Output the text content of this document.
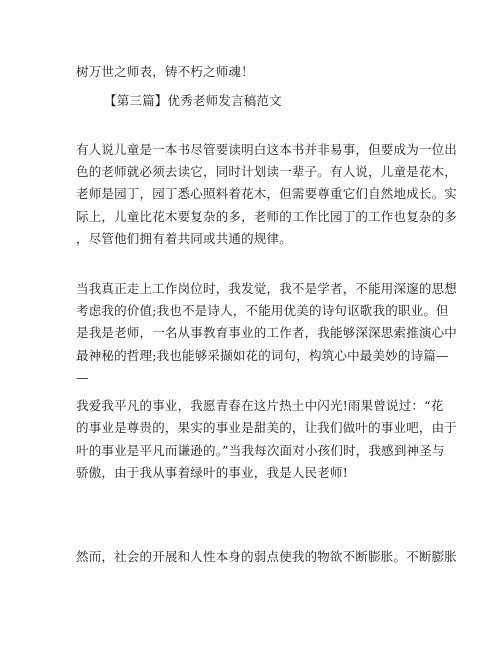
树万世之师表，铸不朽之师魂！
【第三篇】优秀老师发言稿范文
有人说儿童是一本书尽管要读明白这本书并非易事，但要成为一位出
色的老师就必须去读它，同时计划读一辈子。有人说，儿童是花木，
老师是园丁，园丁悉心照料着花木，但需要尊重它们自然地成长。实
际上，儿童比花木要复杂的多，老师的工作比园丁的工作也复杂的多
，尽管他们拥有着共同或共通的规律。
当我真正走上工作岗位时，我发觉，我不是学者，不能用深邃的思想
考虑我的价值;我也不是诗人，不能用优美的诗句讴歌我的职业。但
是我是老师，一名从事教育事业的工作者，我能够深深思索推演心中
最神秘的哲理;我也能够采撷如花的词句，构筑心中最美妙的诗篇—
—
我爱我平凡的事业，我愿青春在这片热土中闪光!雨果曾说过：“花
的事业是尊贵的，果实的事业是甜美的，让我们做叶的事业吧，由于
叶的事业是平凡而谦逊的。”当我每次面对小孩们时，我感到神圣与
骄傲，由于我从事着绿叶的事业，我是人民老师!
然而，社会的开展和人性本身的弱点使我的物欲不断膨胀。不断膨胀
